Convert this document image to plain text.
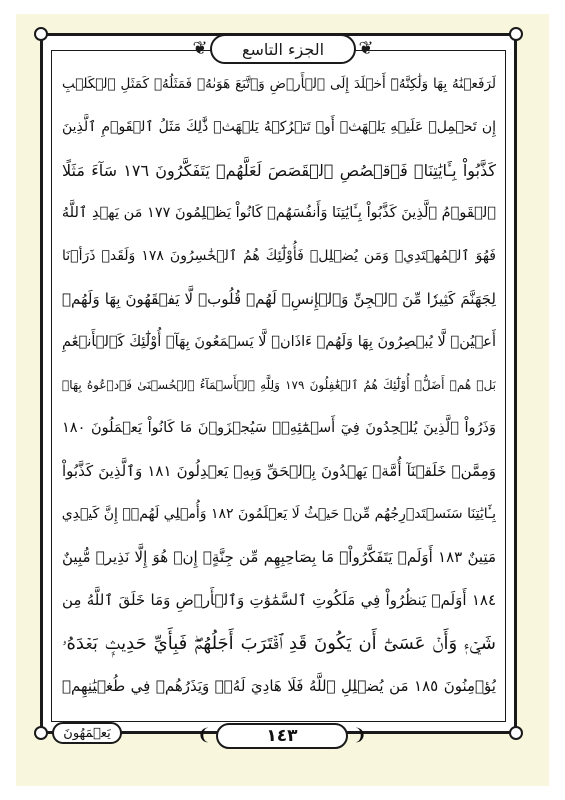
❦	❦
الجزء التاسع
لَرَفَعۡنَٰهُ بِهَا وَلَٰكِنَّهُۥٓ أَخۡلَدَ إِلَى ٱلۡأَرۡضِ وَٱتَّبَعَ هَوَىٰهُۚ فَمَثَلُهُۥ كَمَثَلِ ٱلۡكَلۡبِ
إِن تَحۡمِلۡ عَلَيۡهِ يَلۡهَثۡ أَوۡ تَتۡرُكۡهُ يَلۡهَثۚ ذَّٰلِكَ مَثَلُ ٱلۡقَوۡمِ ٱلَّذِينَ
كَذَّبُواْ بِـَٔايَٰتِنَاۚ فَٱقۡصُصِ ٱلۡقَصَصَ لَعَلَّهُمۡ يَتَفَكَّرُونَ ١٧٦ سَآءَ مَثَلًا
ٱلۡقَوۡمُ ٱلَّذِينَ كَذَّبُواْ بِـَٔايَٰتِنَا وَأَنفُسَهُمۡ كَانُواْ يَظۡلِمُونَ ١٧٧ مَن يَهۡدِ ٱللَّهُ
فَهُوَ ٱلۡمُهۡتَدِيۖ وَمَن يُضۡلِلۡ فَأُوْلَٰٓئِكَ هُمُ ٱلۡخَٰسِرُونَ ١٧٨ وَلَقَدۡ ذَرَأۡنَا
لِجَهَنَّمَ كَثِيرٗا مِّنَ ٱلۡجِنِّ وَٱلۡإِنسِۖ لَهُمۡ قُلُوبٞ لَّا يَفۡقَهُونَ بِهَا وَلَهُمۡ
أَعۡيُنٞ لَّا يُبۡصِرُونَ بِهَا وَلَهُمۡ ءَاذَانٞ لَّا يَسۡمَعُونَ بِهَآۚ أُوْلَٰٓئِكَ كَٱلۡأَنۡعَٰمِ
بَلۡ هُمۡ أَضَلُّۚ أُوْلَٰٓئِكَ هُمُ ٱلۡغَٰفِلُونَ ١٧٩ وَلِلَّهِ ٱلۡأَسۡمَآءُ ٱلۡحُسۡنَىٰ فَٱدۡعُوهُ بِهَاۖ
وَذَرُواْ ٱلَّذِينَ يُلۡحِدُونَ فِيٓ أَسۡمَٰٓئِهِۦۚ سَيُجۡزَوۡنَ مَا كَانُواْ يَعۡمَلُونَ ١٨٠
وَمِمَّنۡ خَلَقۡنَآ أُمَّةٞ يَهۡدُونَ بِٱلۡحَقِّ وَبِهِۦ يَعۡدِلُونَ ١٨١ وَٱلَّذِينَ كَذَّبُواْ
بِـَٔايَٰتِنَا سَنَسۡتَدۡرِجُهُم مِّنۡ حَيۡثُ لَا يَعۡلَمُونَ ١٨٢ وَأُمۡلِي لَهُمۡۚ إِنَّ كَيۡدِي
مَتِينٌ ١٨٣ أَوَلَمۡ يَتَفَكَّرُواْۗ مَا بِصَاحِبِهِم مِّن جِنَّةٍۚ إِنۡ هُوَ إِلَّا نَذِيرٞ مُّبِينٌ
١٨٤ أَوَلَمۡ يَنظُرُواْ فِي مَلَكُوتِ ٱلسَّمَٰوَٰتِ وَٱلۡأَرۡضِ وَمَا خَلَقَ ٱللَّهُ مِن
شَيۡءٖ وَأَنۡ عَسَىٰٓ أَن يَكُونَ قَدِ ٱقۡتَرَبَ أَجَلُهُمۡۖ فَبِأَيِّ حَدِيثِۭ بَعۡدَهُۥ
يُؤۡمِنُونَ ١٨٥ مَن يُضۡلِلِ ٱللَّهُ فَلَا هَادِيَ لَهُۥۚ وَيَذَرُهُمۡ فِي طُغۡيَٰنِهِمۡ
يَعۡمَهُونَ	❨	❩
١٤٣
